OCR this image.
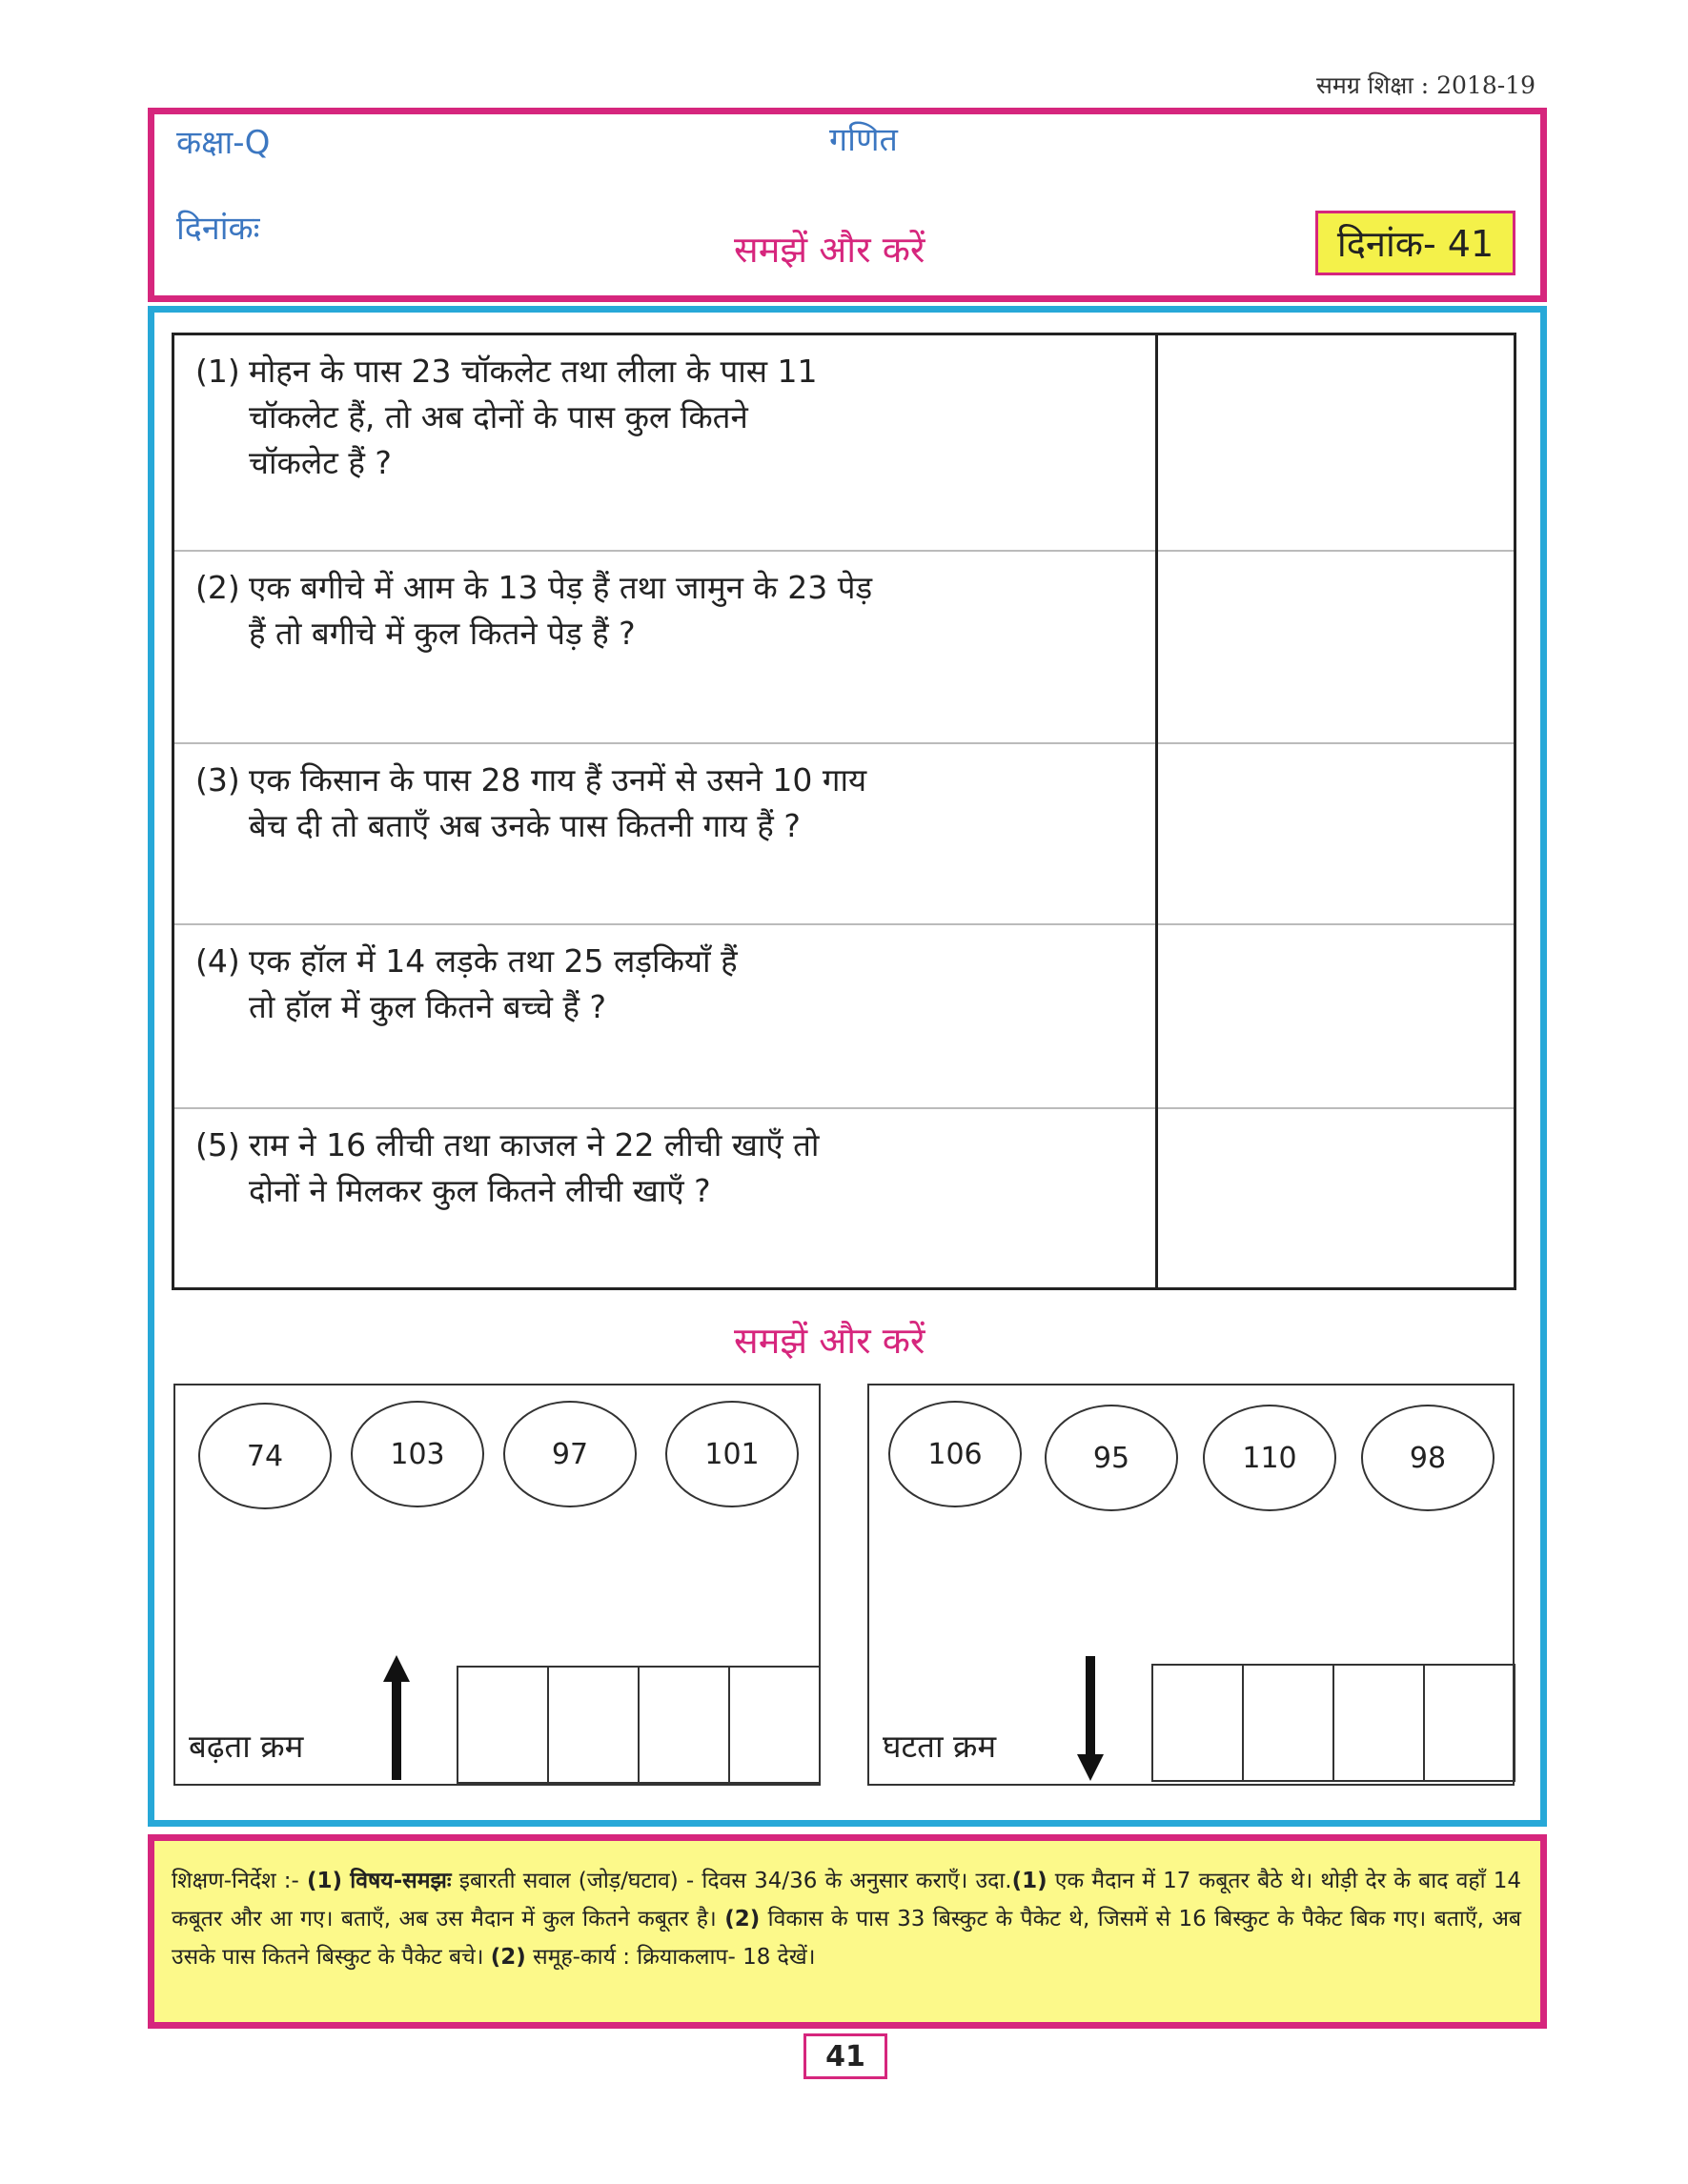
समग्र शिक्षा : 2018-19
कक्षा-Q	गणित
दिनांकः	समझें और करें	दिनांक- 41
(1) मोहन के पास 23 चॉकलेट तथा लीला के पास 11
चॉकलेट हैं, तो अब दोनों के पास कुल कितने
चॉकलेट हैं ?
(2) एक बगीचे में आम के 13 पेड़ हैं तथा जामुन के 23 पेड़
हैं तो बगीचे में कुल कितने पेड़ हैं ?
(3) एक किसान के पास 28 गाय हैं उनमें से उसने 10 गाय
बेच दी तो बताएँ अब उनके पास कितनी गाय हैं ?
(4) एक हॉल में 14 लड़के तथा 25 लड़कियाँ हैं
तो हॉल में कुल कितने बच्चे हैं ?
(5) राम ने 16 लीची तथा काजल ने 22 लीची खाएँ तो
दोनों ने मिलकर कुल कितने लीची खाएँ ?
समझें और करें
74	103	97	101
बढ़ता क्रम
106	95	110	98
घटता क्रम
शिक्षण-निर्देश :- (1) विषय-समझः इबारती सवाल (जोड़/घटाव) - दिवस 34/36 के अनुसार कराएँ। उदा.(1) एक मैदान में 17 कबूतर बैठे थे। थोड़ी देर के बाद वहाँ 14 कबूतर और आ गए। बताएँ, अब उस मैदान में कुल कितने कबूतर है। (2) विकास के पास 33 बिस्कुट के पैकेट थे, जिसमें से 16 बिस्कुट के पैकेट बिक गए। बताएँ, अब उसके पास कितने बिस्कुट के पैकेट बचे। (2) समूह-कार्य : क्रियाकलाप- 18 देखें।
41
